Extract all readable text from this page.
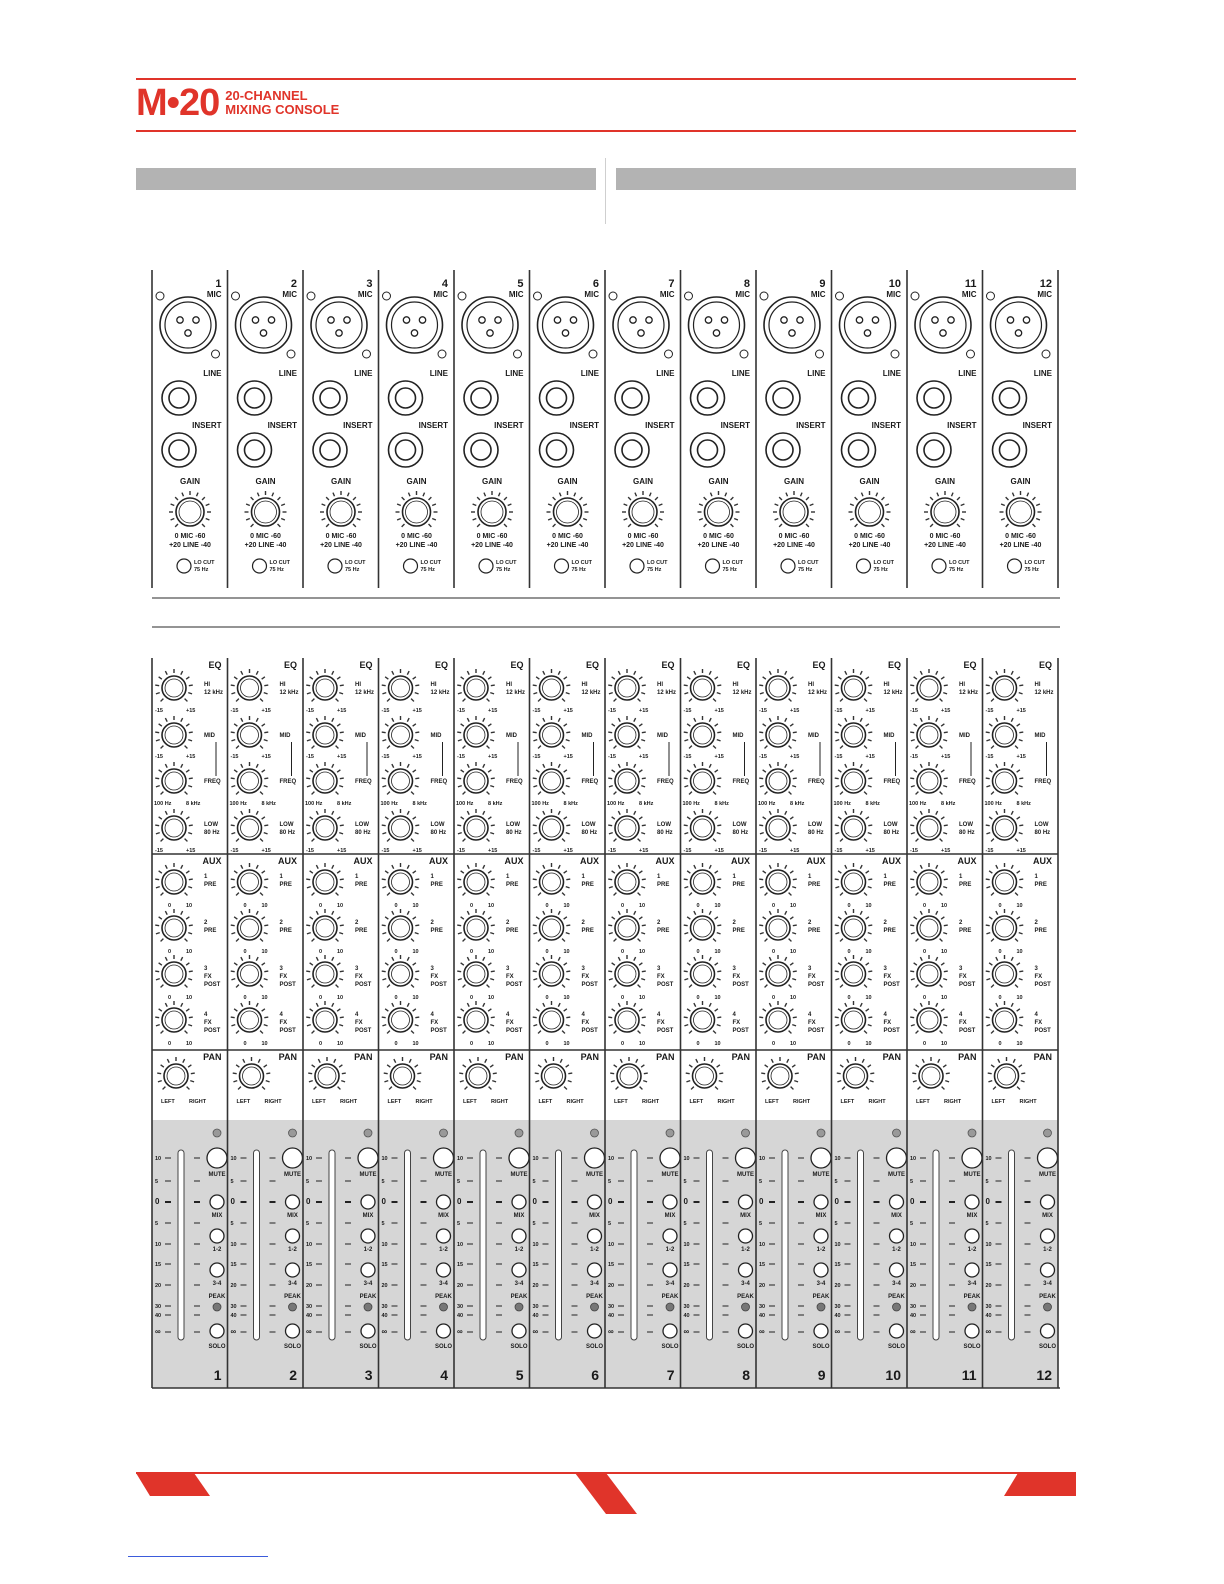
M•20 20-CHANNEL
MIXING CONSOLE
1
MIC
LINE
INSERT
GAIN
0 MIC -60
+20 LINE -40
LO CUT
75 Hz
2
MIC
LINE
INSERT
GAIN
0 MIC -60
+20 LINE -40
LO CUT
75 Hz
3
MIC
LINE
INSERT
GAIN
0 MIC -60
+20 LINE -40
LO CUT
75 Hz
4
MIC
LINE
INSERT
GAIN
0 MIC -60
+20 LINE -40
LO CUT
75 Hz
5
MIC
LINE
INSERT
GAIN
0 MIC -60
+20 LINE -40
LO CUT
75 Hz
6
MIC
LINE
INSERT
GAIN
0 MIC -60
+20 LINE -40
LO CUT
75 Hz
7
MIC
LINE
INSERT
GAIN
0 MIC -60
+20 LINE -40
LO CUT
75 Hz
8
MIC
LINE
INSERT
GAIN
0 MIC -60
+20 LINE -40
LO CUT
75 Hz
9
MIC
LINE
INSERT
GAIN
0 MIC -60
+20 LINE -40
LO CUT
75 Hz
10
MIC
LINE
INSERT
GAIN
0 MIC -60
+20 LINE -40
LO CUT
75 Hz
11
MIC
LINE
INSERT
GAIN
0 MIC -60
+20 LINE -40
LO CUT
75 Hz
12
MIC
LINE
INSERT
GAIN
0 MIC -60
+20 LINE -40
LO CUT
75 Hz
EQ
HI
12 kHz
-15	+15
MID
-15	+15
FREQ
100 Hz	8 kHz
LOW
80 Hz
-15	+15
AUX
1
PRE
0	10
2
PRE
0	10
3
FX
POST
0	10
4
FX
POST
0	10
PAN
LEFT	RIGHT
EQ
HI
12 kHz
-15	+15
MID
-15	+15
FREQ
100 Hz	8 kHz
LOW
80 Hz
-15	+15
AUX
1
PRE
0	10
2
PRE
0	10
3
FX
POST
0	10
4
FX
POST
0	10
PAN
LEFT	RIGHT
EQ
HI
12 kHz
-15	+15
MID
-15	+15
FREQ
100 Hz	8 kHz
LOW
80 Hz
-15	+15
AUX
1
PRE
0	10
2
PRE
0	10
3
FX
POST
0	10
4
FX
POST
0	10
PAN
LEFT	RIGHT
EQ
HI
12 kHz
-15	+15
MID
-15	+15
FREQ
100 Hz	8 kHz
LOW
80 Hz
-15	+15
AUX
1
PRE
0	10
2
PRE
0	10
3
FX
POST
0	10
4
FX
POST
0	10
PAN
LEFT	RIGHT
EQ
HI
12 kHz
-15	+15
MID
-15	+15
FREQ
100 Hz	8 kHz
LOW
80 Hz
-15	+15
AUX
1
PRE
0	10
2
PRE
0	10
3
FX
POST
0	10
4
FX
POST
0	10
PAN
LEFT	RIGHT
EQ
HI
12 kHz
-15	+15
MID
-15	+15
FREQ
100 Hz	8 kHz
LOW
80 Hz
-15	+15
AUX
1
PRE
0	10
2
PRE
0	10
3
FX
POST
0	10
4
FX
POST
0	10
PAN
LEFT	RIGHT
EQ
HI
12 kHz
-15	+15
MID
-15	+15
FREQ
100 Hz	8 kHz
LOW
80 Hz
-15	+15
AUX
1
PRE
0	10
2
PRE
0	10
3
FX
POST
0	10
4
FX
POST
0	10
PAN
LEFT	RIGHT
EQ
HI
12 kHz
-15	+15
MID
-15	+15
FREQ
100 Hz	8 kHz
LOW
80 Hz
-15	+15
AUX
1
PRE
0	10
2
PRE
0	10
3
FX
POST
0	10
4
FX
POST
0	10
PAN
LEFT	RIGHT
EQ
HI
12 kHz
-15	+15
MID
-15	+15
FREQ
100 Hz	8 kHz
LOW
80 Hz
-15	+15
AUX
1
PRE
0	10
2
PRE
0	10
3
FX
POST
0	10
4
FX
POST
0	10
PAN
LEFT	RIGHT
EQ
HI
12 kHz
-15	+15
MID
-15	+15
FREQ
100 Hz	8 kHz
LOW
80 Hz
-15	+15
AUX
1
PRE
0	10
2
PRE
0	10
3
FX
POST
0	10
4
FX
POST
0	10
PAN
LEFT	RIGHT
EQ
HI
12 kHz
-15	+15
MID
-15	+15
FREQ
100 Hz	8 kHz
LOW
80 Hz
-15	+15
AUX
1
PRE
0	10
2
PRE
0	10
3
FX
POST
0	10
4
FX
POST
0	10
PAN
LEFT	RIGHT
EQ
HI
12 kHz
-15	+15
MID
-15	+15
FREQ
100 Hz	8 kHz
LOW
80 Hz
-15	+15
AUX
1
PRE
0	10
2
PRE
0	10
3
FX
POST
0	10
4
FX
POST
0	10
PAN
LEFT	RIGHT
10
5
0
5
10
15
20
30
40
∞
MUTE
MIX
1-2
3-4
PEAK
SOLO
1
10
5
0
5
10
15
20
30
40
∞
MUTE
MIX
1-2
3-4
PEAK
SOLO
2
10
5
0
5
10
15
20
30
40
∞
MUTE
MIX
1-2
3-4
PEAK
SOLO
3
10
5
0
5
10
15
20
30
40
∞
MUTE
MIX
1-2
3-4
PEAK
SOLO
4
10
5
0
5
10
15
20
30
40
∞
MUTE
MIX
1-2
3-4
PEAK
SOLO
5
10
5
0
5
10
15
20
30
40
∞
MUTE
MIX
1-2
3-4
PEAK
SOLO
6
10
5
0
5
10
15
20
30
40
∞
MUTE
MIX
1-2
3-4
PEAK
SOLO
7
10
5
0
5
10
15
20
30
40
∞
MUTE
MIX
1-2
3-4
PEAK
SOLO
8
10
5
0
5
10
15
20
30
40
∞
MUTE
MIX
1-2
3-4
PEAK
SOLO
9
10
5
0
5
10
15
20
30
40
∞
MUTE
MIX
1-2
3-4
PEAK
SOLO
10
10
5
0
5
10
15
20
30
40
∞
MUTE
MIX
1-2
3-4
PEAK
SOLO
11
10
5
0
5
10
15
20
30
40
∞
MUTE
MIX
1-2
3-4
PEAK
SOLO
12
